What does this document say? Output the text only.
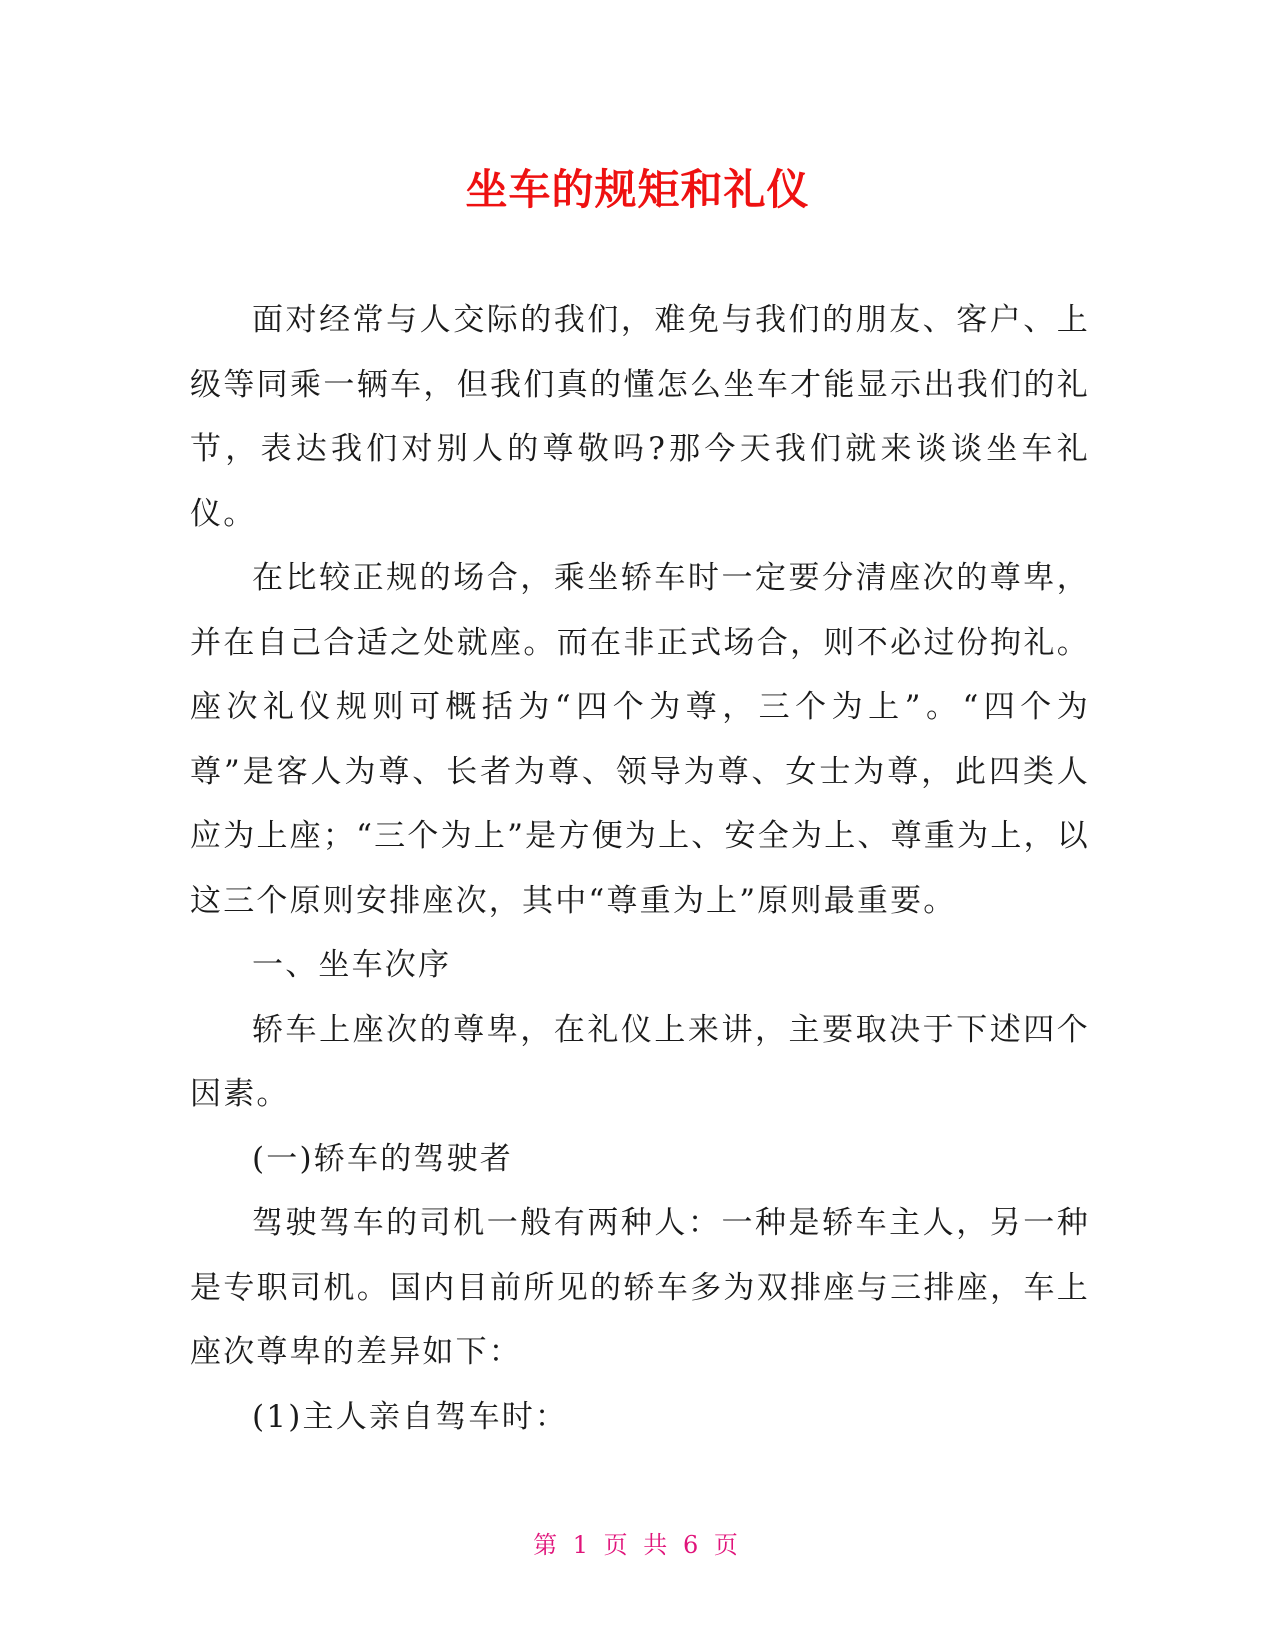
坐车的规矩和礼仪

面对经常与人交际的我们，难免与我们的朋友、客户、上级等同乘一辆车，但我们真的懂怎么坐车才能显示出我们的礼节，表达我们对别人的尊敬吗?那今天我们就来谈谈坐车礼仪。

在比较正规的场合，乘坐轿车时一定要分清座次的尊卑，并在自己合适之处就座。而在非正式场合，则不必过份拘礼。座次礼仪规则可概括为“四个为尊，三个为上”。“四个为尊”是客人为尊、长者为尊、领导为尊、女士为尊，此四类人应为上座；“三个为上”是方便为上、安全为上、尊重为上，以这三个原则安排座次，其中“尊重为上”原则最重要。

一、坐车次序

轿车上座次的尊卑，在礼仪上来讲，主要取决于下述四个因素。

(一)轿车的驾驶者

驾驶驾车的司机一般有两种人：一种是轿车主人，另一种是专职司机。国内目前所见的轿车多为双排座与三排座，车上座次尊卑的差异如下：

(1)主人亲自驾车时：

第 1 页 共 6 页
